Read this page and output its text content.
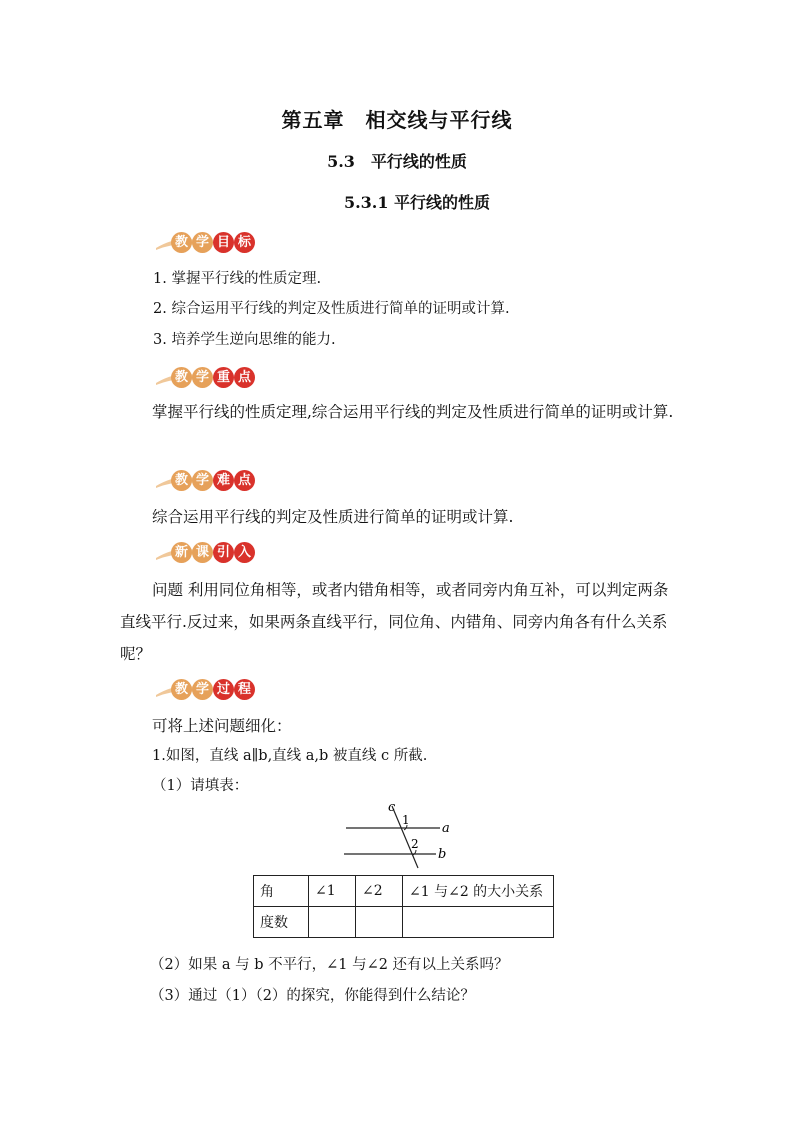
第五章　相交线与平行线
5.3　平行线的性质
5.3.1 平行线的性质
教 学 目 标
1. 掌握平行线的性质定理.
2. 综合运用平行线的判定及性质进行简单的证明或计算.
3. 培养学生逆向思维的能力.
教 学 重 点
掌握平行线的性质定理,综合运用平行线的判定及性质进行简单的证明或计算.
教 学 难 点
综合运用平行线的判定及性质进行简单的证明或计算.
新 课 引 入
问题 利用同位角相等，或者内错角相等，或者同旁内角互补，可以判定两条直线平行.反过来，如果两条直线平行，同位角、内错角、同旁内角各有什么关系呢？
教 学 过 程
可将上述问题细化：
1.如图，直线 a∥b,直线 a,b 被直线 c 所截.
（1）请填表：
c
1
a
2
b
角	∠1	∠2	∠1 与∠2 的大小关系
度数			
（2）如果 a 与 b 不平行，∠1 与∠2 还有以上关系吗？
（3）通过（1）（2）的探究，你能得到什么结论？
